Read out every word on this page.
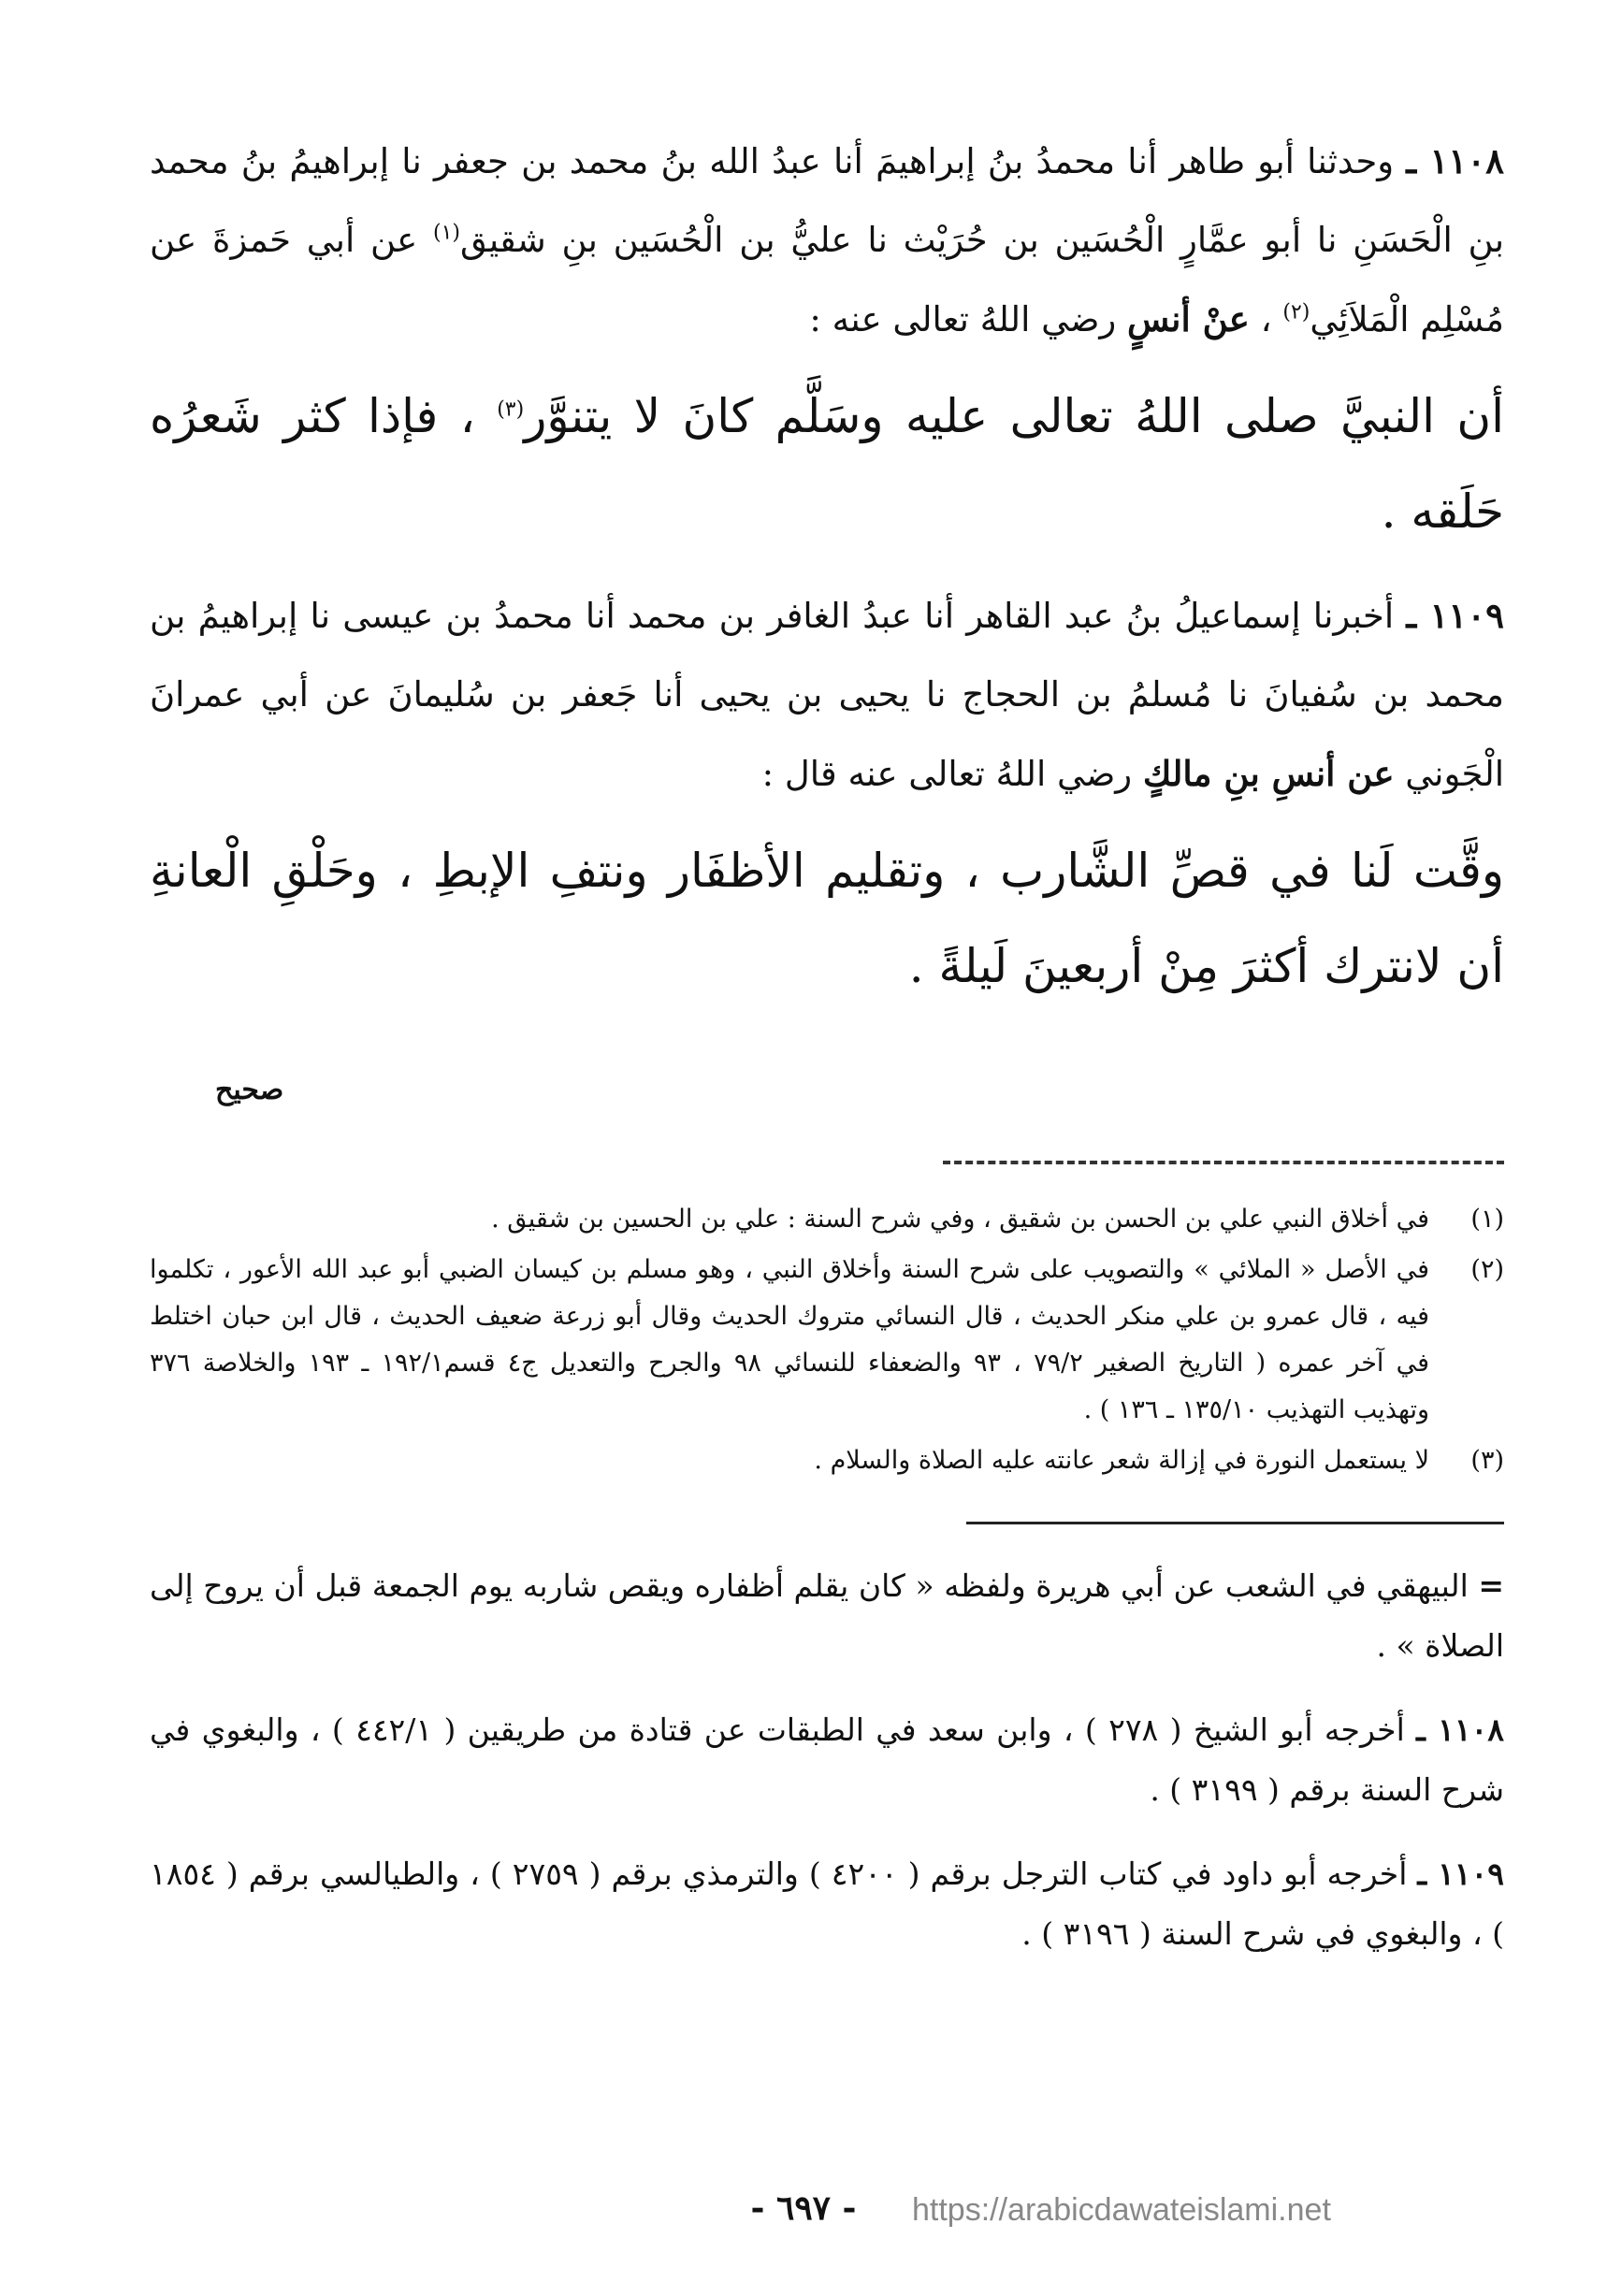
١١٠٨ ـ وحدثنا أبو طاهر أنا محمدُ بنُ إبراهيمَ أنا عبدُ الله بنُ محمد بن جعفر نا إبراهيمُ بنُ محمد بنِ الْحَسَنِ نا أبو عمَّارٍ الْحُسَين بن حُرَيْث نا عليُّ بن الْحُسَين بنِ شقيق$^{(١)}$ عن أبي حَمزةَ عن مُسْلِم الْمَلاَئِي$^{(٢)}$ ، عنْ أنسٍ رضي اللهُ تعالى عنه :

أن النبيَّ صلى اللهُ تعالى عليه وسَلَّم كانَ لا يتنوَّر$^{(٣)}$ ، فإذا كثر شَعرُه حَلَقه .

١١٠٩ ـ أخبرنا إسماعيلُ بنُ عبد القاهر أنا عبدُ الغافر بن محمد أنا محمدُ بن عيسى نا إبراهيمُ بن محمد بن سُفيانَ نا مُسلمُ بن الحجاج نا يحيى بن يحيى أنا جَعفر بن سُليمانَ عن أبي عمرانَ الْجَوني عن أنسِ بنِ مالكٍ رضي اللهُ تعالى عنه قال :

وقَّت لَنا في قصِّ الشَّارب ، وتقليم الأظفَار ونتفِ الإبطِ ، وحَلْقِ الْعانةِ أن لانترك أكثرَ مِنْ أربعينَ لَيلةً .

صحيح
(١)
في أخلاق النبي علي بن الحسن بن شقيق ، وفي شرح السنة : علي بن الحسين بن شقيق .
(٢)
في الأصل « الملائي » والتصويب على شرح السنة وأخلاق النبي ، وهو مسلم بن كيسان الضبي أبو عبد الله الأعور ، تكلموا فيه ، قال عمرو بن علي منكر الحديث ، قال النسائي متروك الحديث وقال أبو زرعة ضعيف الحديث ، قال ابن حبان اختلط في آخر عمره ( التاريخ الصغير ٧٩/٢ ، ٩٣ والضعفاء للنسائي ٩٨ والجرح والتعديل ج٤ قسم١٩٢/١ ـ ١٩٣ والخلاصة ٣٧٦ وتهذيب التهذيب ١٣٥/١٠ ـ ١٣٦ ) .
(٣)
لا يستعمل النورة في إزالة شعر عانته عليه الصلاة والسلام .

= البيهقي في الشعب عن أبي هريرة ولفظه « كان يقلم أظفاره ويقص شاربه يوم الجمعة قبل أن يروح إلى الصلاة » .

١١٠٨ ـ أخرجه أبو الشيخ ( ٢٧٨ ) ، وابن سعد في الطبقات عن قتادة من طريقين ( ٤٤٢/١ ) ، والبغوي في شرح السنة برقم ( ٣١٩٩ ) .

١١٠٩ ـ أخرجه أبو داود في كتاب الترجل برقم ( ٤٢٠٠ ) والترمذي برقم ( ٢٧٥٩ ) ، والطيالسي برقم ( ١٨٥٤ ) ، والبغوي في شرح السنة ( ٣١٩٦ ) .

- ٦٩٧ -	https://arabicdawateislami.net
